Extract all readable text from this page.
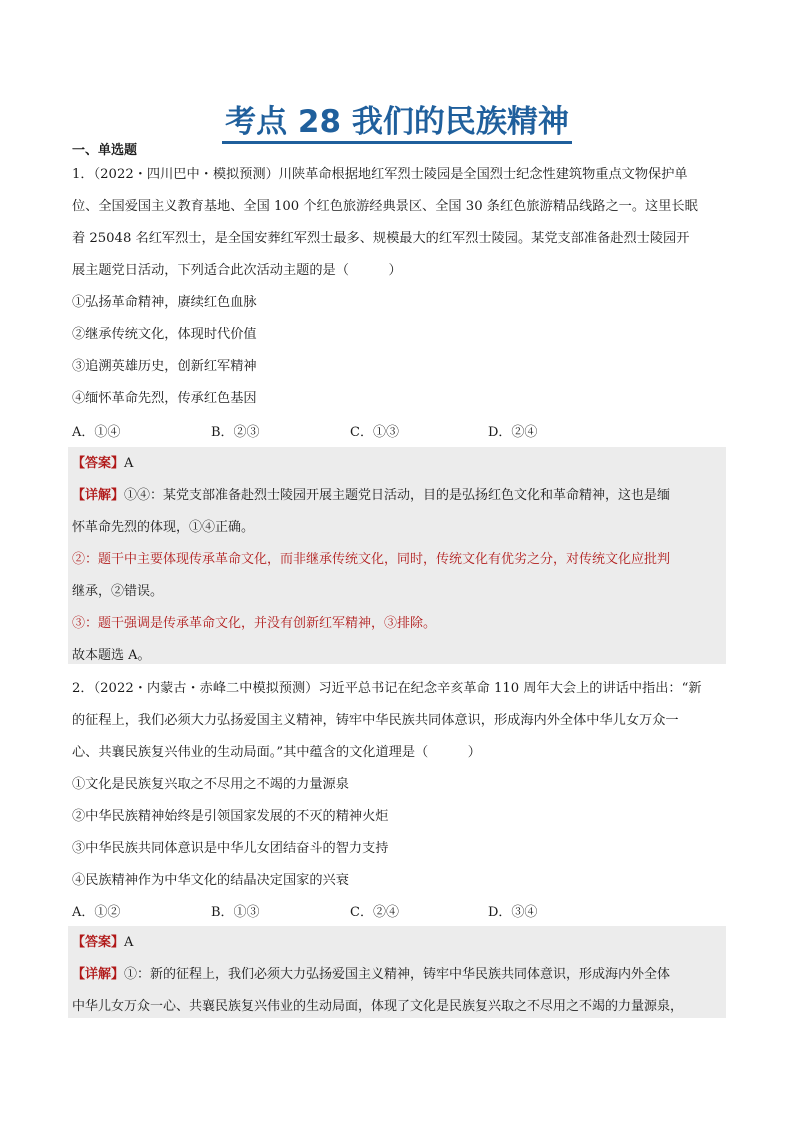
考点 28 我们的民族精神
一、单选题
1．（2022・四川巴中・模拟预测）川陕革命根据地红军烈士陵园是全国烈士纪念性建筑物重点文物保护单
位、全国爱国主义教育基地、全国 100 个红色旅游经典景区、全国 30 条红色旅游精品线路之一。这里长眠
着 25048 名红军烈士，是全国安葬红军烈士最多、规模最大的红军烈士陵园。某党支部准备赴烈士陵园开
展主题党日活动，下列适合此次活动主题的是（　　　）
①弘扬革命精神，赓续红色血脉
②继承传统文化，体现时代价值
③追溯英雄历史，创新红军精神
④缅怀革命先烈，传承红色基因
A．①④	B．②③	C．①③	D．②④
【答案】A
【详解】①④：某党支部准备赴烈士陵园开展主题党日活动，目的是弘扬红色文化和革命精神，这也是缅
怀革命先烈的体现，①④正确。
②：题干中主要体现传承革命文化，而非继承传统文化，同时，传统文化有优劣之分，对传统文化应批判
继承，②错误。
③：题干强调是传承革命文化，并没有创新红军精神，③排除。
故本题选 A。
2．（2022・内蒙古・赤峰二中模拟预测）习近平总书记在纪念辛亥革命 110 周年大会上的讲话中指出：“新
的征程上，我们必须大力弘扬爱国主义精神，铸牢中华民族共同体意识，形成海内外全体中华儿女万众一
心、共襄民族复兴伟业的生动局面。”其中蕴含的文化道理是（　　　）
①文化是民族复兴取之不尽用之不竭的力量源泉
②中华民族精神始终是引领国家发展的不灭的精神火炬
③中华民族共同体意识是中华儿女团结奋斗的智力支持
④民族精神作为中华文化的结晶决定国家的兴衰
A．①②	B．①③	C．②④	D．③④
【答案】A
【详解】①：新的征程上，我们必须大力弘扬爱国主义精神，铸牢中华民族共同体意识，形成海内外全体
中华儿女万众一心、共襄民族复兴伟业的生动局面，体现了文化是民族复兴取之不尽用之不竭的力量源泉，
